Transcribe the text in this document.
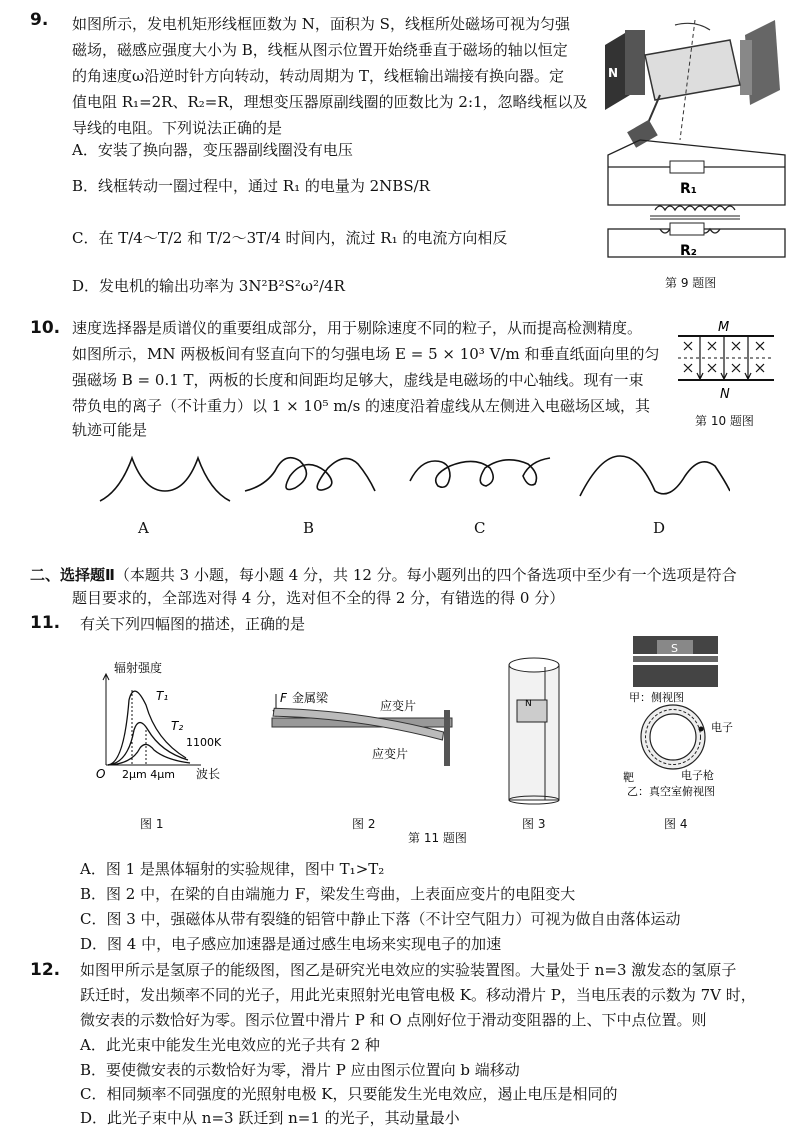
9. 如图所示，发电机矩形线框匝数为 N，面积为 S，线框所处磁场可视为匀强
磁场，磁感应强度大小为 B，线框从图示位置开始绕垂直于磁场的轴以恒定
的角速度ω沿逆时针方向转动，转动周期为 T，线框输出端接有换向器。定
值电阻 R₁=2R、R₂=R，理想变压器原副线圈的匝数比为 2:1，忽略线框以及
导线的电阻。下列说法正确的是
A．安装了换向器，变压器副线圈没有电压
B．线框转动一圈过程中，通过 R₁ 的电量为 2NBS/R
C．在 T/4～T/2 和 T/2～3T/4 时间内，流过 R₁ 的电流方向相反
D．发电机的输出功率为 3N²B²S²ω²/4R
N
R₁
R₂
第 9 题图
10. 速度选择器是质谱仪的重要组成部分，用于剔除速度不同的粒子，从而提高检测精度。
如图所示，MN 两极板间有竖直向下的匀强电场 E = 5 × 10³ V/m 和垂直纸面向里的匀
强磁场 B = 0.1 T，两板的长度和间距均足够大，虚线是电磁场的中心轴线。现有一束
带负电的离子（不计重力）以 1 × 10⁵ m/s 的速度沿着虚线从左侧进入电磁场区域，其
轨迹可能是
M
N
第 10 题图
A	B	C	D
二、选择题Ⅱ（本题共 3 小题，每小题 4 分，共 12 分。每小题列出的四个备选项中至少有一个选项是符合
题目要求的，全部选对得 4 分，选对但不全的得 2 分，有错选的得 0 分）
11. 有关下列四幅图的描述，正确的是
辐射强度
T₁
T₂
1100K
O 2μm 4μm 波长
图 1
F 金属梁
应变片
应变片
图 2
N
图 3
S
甲：侧视图
电子
靶	电子枪
乙：真空室俯视图
图 4
第 11 题图
A．图 1 是黑体辐射的实验规律，图中 T₁>T₂
B．图 2 中，在梁的自由端施力 F，梁发生弯曲，上表面应变片的电阻变大
C．图 3 中，强磁体从带有裂缝的铝管中静止下落（不计空气阻力）可视为做自由落体运动
D．图 4 中，电子感应加速器是通过感生电场来实现电子的加速
12. 如图甲所示是氢原子的能级图，图乙是研究光电效应的实验装置图。大量处于 n=3 激发态的氢原子
跃迁时，发出频率不同的光子，用此光束照射光电管电极 K。移动滑片 P，当电压表的示数为 7V 时，
微安表的示数恰好为零。图示位置中滑片 P 和 O 点刚好位于滑动变阻器的上、下中点位置。则
A．此光束中能发生光电效应的光子共有 2 种
B．要使微安表的示数恰好为零，滑片 P 应由图示位置向 b 端移动
C．相同频率不同强度的光照射电极 K，只要能发生光电效应，遏止电压是相同的
D．此光子束中从 n=3 跃迁到 n=1 的光子，其动量最小
